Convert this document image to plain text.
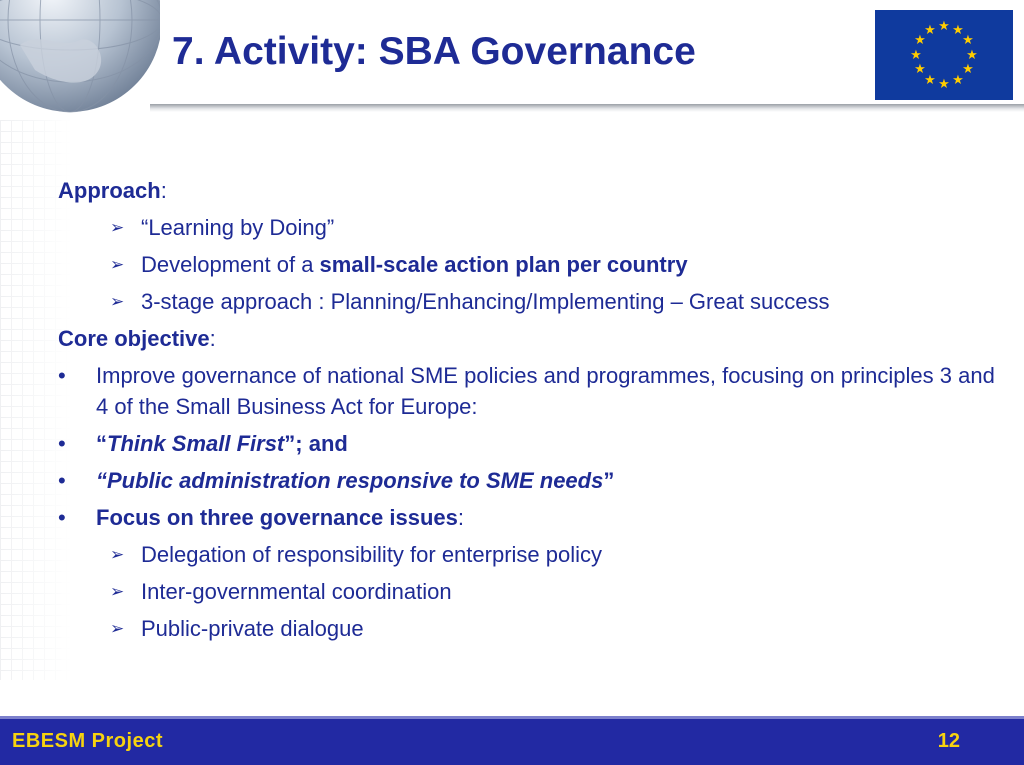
7. Activity: SBA Governance
★ ★
★
★
★
★
★
★
★
★
★
★
Approach:
➢ “Learning by Doing”
➢ Development of a small-scale action plan per country
➢ 3-stage approach : Planning/Enhancing/Implementing – Great success
Core objective:
• Improve governance of national SME policies and programmes, focusing on principles 3 and 4 of the Small Business Act for Europe:
• “Think Small First”; and
• “Public administration responsive to SME needs”
• Focus on three governance issues:
➢ Delegation of responsibility for enterprise policy
➢ Inter-governmental coordination
➢ Public-private dialogue
EBESM Project	12
